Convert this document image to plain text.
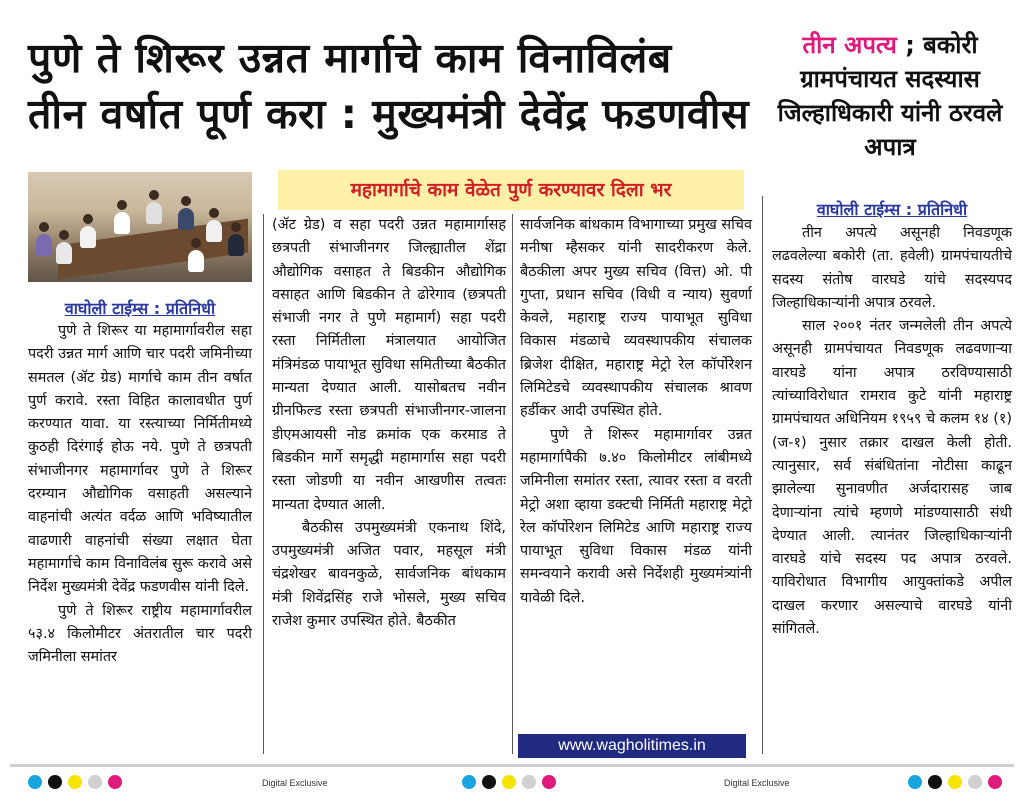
पुणे ते शिरूर उन्नत मार्गाचे काम विनाविलंब
तीन वर्षात पूर्ण करा : मुख्यमंत्री देवेंद्र फडणवीस
तीन अपत्य ; बकोरी ग्रामपंचायत सदस्यास जिल्हाधिकारी यांनी ठरवले अपात्र
महामार्गाचे काम वेळेत पुर्ण करण्यावर दिला भर
वाघोली टाईम्स : प्रतिनिधी

पुणे ते शिरूर या महामार्गावरील सहा पदरी उन्नत मार्ग आणि चार पदरी जमिनीच्या समतल (ॲट ग्रेड) मार्गाचे काम तीन वर्षात पुर्ण करावे. रस्ता विहित कालावधीत पुर्ण करण्यात यावा. या रस्त्याच्या निर्मितीमध्ये कुठही दिरंगाई होऊ नये. पुणे ते छत्रपती संभाजीनगर महामार्गावर पुणे ते शिरूर दरम्यान औद्योगिक वसाहती असल्याने वाहनांची अत्यंत वर्दळ आणि भविष्यातील वाढणारी वाहनांची संख्या लक्षात घेता महामार्गाचे काम विनाविलंब सुरू करावे असे निर्देश मुख्यमंत्री देवेंद्र फडणवीस यांनी दिले.

पुणे ते शिरूर राष्ट्रीय महामार्गावरील ५३.४ किलोमीटर अंतरातील चार पदरी जमिनीला समांतर

(ॲट ग्रेड) व सहा पदरी उन्नत महामार्गासह छत्रपती संभाजीनगर जिल्ह्यातील शेंद्रा औद्योगिक वसाहत ते बिडकीन औद्योगिक वसाहत आणि बिडकीन ते ढोरेगाव (छत्रपती संभाजी नगर ते पुणे महामार्ग) सहा पदरी रस्ता निर्मितीला मंत्रालयात आयोजित मंत्रिमंडळ पायाभूत सुविधा समितीच्या बैठकीत मान्यता देण्यात आली. यासोबतच नवीन ग्रीनफिल्ड रस्ता छत्रपती संभाजीनगर-जालना डीएमआयसी नोड क्रमांक एक करमाड ते बिडकीन मार्गे समृद्धी महामार्गास सहा पदरी रस्ता जोडणी या नवीन आखणीस तत्वतः मान्यता देण्यात आली.

बैठकीस उपमुख्यमंत्री एकनाथ शिंदे, उपमुख्यमंत्री अजित पवार, महसूल मंत्री चंद्रशेखर बावनकुळे, सार्वजनिक बांधकाम मंत्री शिवेंद्रसिंह राजे भोसले, मुख्य सचिव राजेश कुमार उपस्थित होते. बैठकीत

सार्वजनिक बांधकाम विभागाच्या प्रमुख सचिव मनीषा म्हैसकर यांनी सादरीकरण केले. बैठकीला अपर मुख्य सचिव (वित्त) ओ. पी गुप्ता, प्रधान सचिव (विधी व न्याय) सुवर्णा केवले, महाराष्ट्र राज्य पायाभूत सुविधा विकास मंडळाचे व्यवस्थापकीय संचालक ब्रिजेश दीक्षित, महाराष्ट्र मेट्रो रेल कॉर्पोरेशन लिमिटेडचे व्यवस्थापकीय संचालक श्रावण हर्डीकर आदी उपस्थित होते.

पुणे ते शिरूर महामार्गावर उन्नत महामार्गापैकी ७.४० किलोमीटर लांबीमध्ये जमिनीला समांतर रस्ता, त्यावर रस्ता व वरती मेट्रो अशा व्हाया डक्टची निर्मिती महाराष्ट्र मेट्रो रेल कॉर्पोरेशन लिमिटेड आणि महाराष्ट्र राज्य पायाभूत सुविधा विकास मंडळ यांनी समन्वयाने करावी असे निर्देशही मुख्यमंत्र्यांनी यावेळी दिले.

www.wagholitimes.in
वाघोली टाईम्स : प्रतिनिधी

तीन अपत्ये असूनही निवडणूक लढवलेल्या बकोरी (ता. हवेली) ग्रामपंचायतीचे सदस्य संतोष वारघडे यांचे सदस्यपद जिल्हाधिकाऱ्यांनी अपात्र ठरवले.

साल २००१ नंतर जन्मलेली तीन अपत्ये असूनही ग्रामपंचायत निवडणूक लढवणाऱ्या वारघडे यांना अपात्र ठरविण्यासाठी त्यांच्याविरोधात रामराव कुटे यांनी महाराष्ट्र ग्रामपंचायत अधिनियम १९५९ चे कलम १४ (१) (ज-१) नुसार तक्रार दाखल केली होती. त्यानुसार, सर्व संबंधितांना नोटीसा काढून झालेल्या सुनावणीत अर्जदारासह जाब देणाऱ्यांना त्यांचे म्हणणे मांडण्यासाठी संधी देण्यात आली. त्यानंतर जिल्हाधिकाऱ्यांनी वारघडे यांचे सदस्य पद अपात्र ठरवले. याविरोधात विभागीय आयुक्तांकडे अपील दाखल करणार असल्याचे वारघडे यांनी सांगितले.

Digital Exclusive	Digital Exclusive
